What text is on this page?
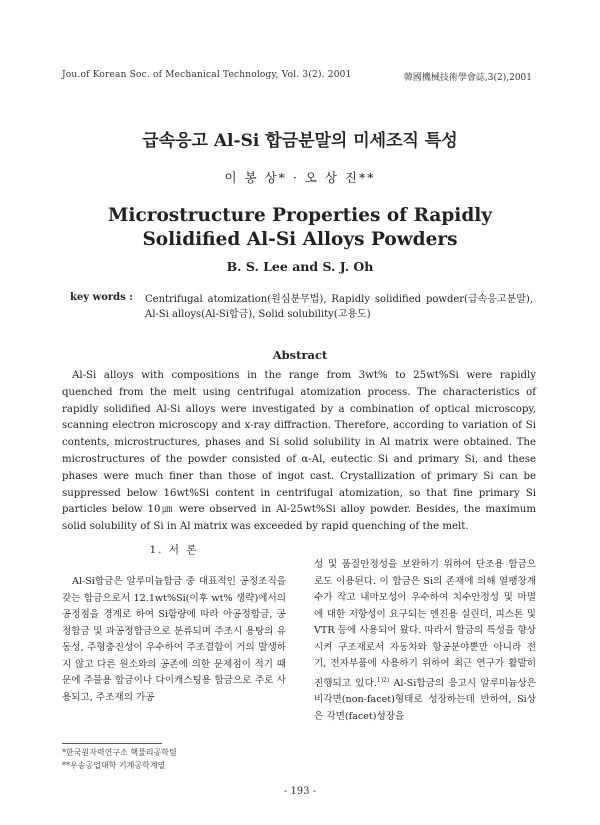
Jou.of Korean Soc. of Mechanical Technology, Vol. 3(2). 2001	韓國機械技術學會誌,3(2),2001
급속응고 Al-Si 합금분말의 미세조직 특성
이 봉 상* · 오 상 진**
Microstructure Properties of Rapidly Solidified Al-Si Alloys Powders
B. S. Lee and S. J. Oh
key words : Centrifugal atomization(원심분무법), Rapidly solidified powder(급속응고분말), Al-Si alloys(Al-Si합금), Solid solubility(고용도)
Abstract
Al-Si alloys with compositions in the range from 3wt% to 25wt%Si were rapidly quenched from the melt using centrifugal atomization process. The characteristics of rapidly solidified Al-Si alloys were investigated by a combination of optical microscopy, scanning electron microscopy and x-ray diffraction. Therefore, according to variation of Si contents, microstructures, phases and Si solid solubility in Al matrix were obtained. The microstructures of the powder consisted of α-Al, eutectic Si and primary Si, and these phases were much finer than those of ingot cast. Crystallization of primary Si can be suppressed below 16wt%Si content in centrifugal atomization, so that fine primary Si particles below 10㎛ were observed in Al-25wt%Si alloy powder. Besides, the maximum solid solubility of Si in Al matrix was exceeded by rapid quenching of the melt.
1. 서 론
Al-Si합금은 알루미늄합금 중 대표적인 공정조직을 갖는 합금으로서 12.1wt%Si(이후 wt% 생략)에서의 공정점을 경계로 하여 Si함량에 따라 아공정합금, 공정합금 및 과공정합금으로 분류되며 주조시 용탕의 유동성, 주형충진성이 우수하여 주조결함이 거의 발생하지 않고 다른 원소와의 공존에 의한 문제점이 적기 때문에 주물용 합금이나 다이캐스팅용 합금으로 주로 사용되고, 주조재의 가공
성 및 품질안정성을 보완하기 위하여 단조용 합금으로도 이용된다. 이 합금은 Si의 존재에 의해 열팽창계수가 작고 내마모성이 우수하여 치수안정성 및 마멸에 대한 저항성이 요구되는 엔진용 실린더, 피스톤 및 VTR 등에 사용되어 왔다. 따라서 합금의 특성을 향상시켜 구조재로서 자동차와 항공분야뿐만 아니라 전기, 전자부품에 사용하기 위하여 최근 연구가 활발히 진행되고 있다.$^{1)2)}$ Al-Si합금의 응고시 알루미늄상은 비각면(non-facet)형태로 성장하는데 반하여, Si상은 각면(facet)성장을
*한국원자력연구소 핵물리공학팀
**우송공업대학 기계공학계열
- 193 -
